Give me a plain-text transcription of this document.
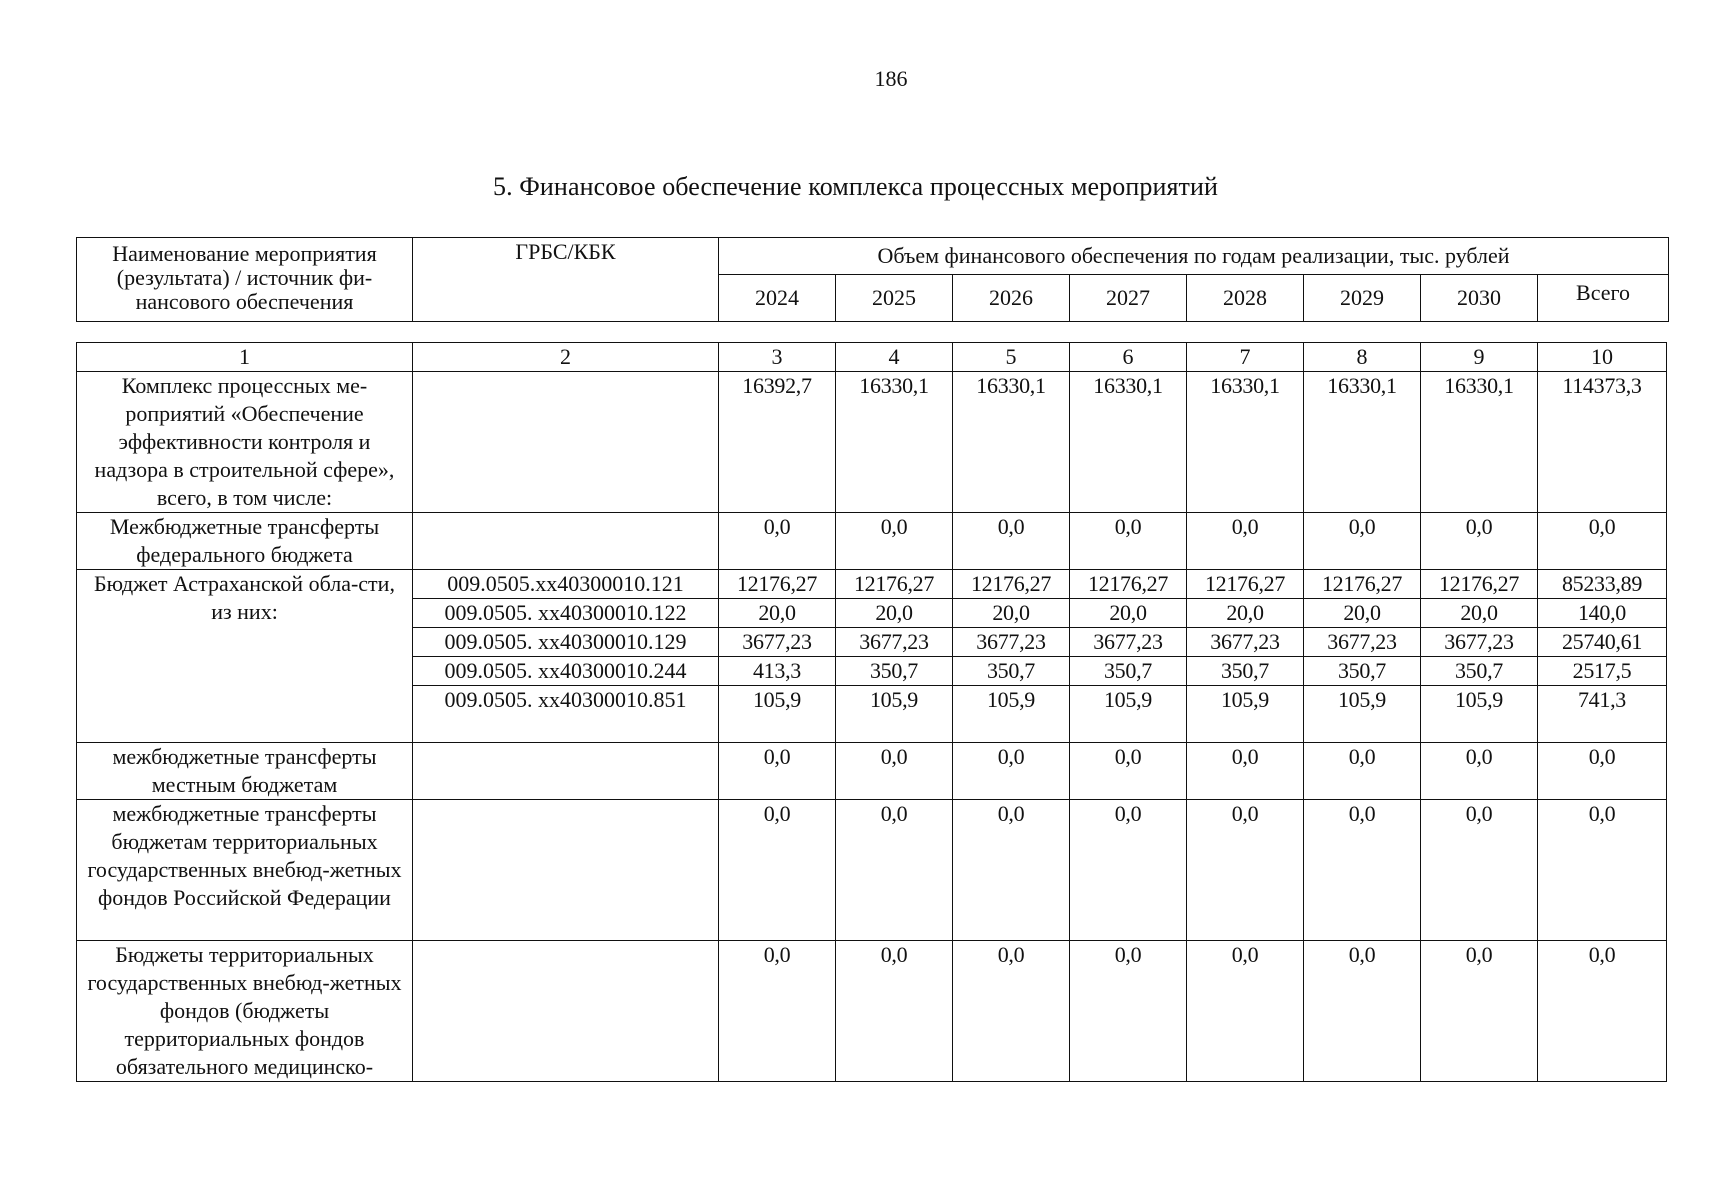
186
5. Финансовое обеспечение комплекса процессных мероприятий
Наименование мероприятия (результата) / источник фи-нансового обеспечения	ГРБС/КБК	Объем финансового обеспечения по годам реализации, тыс. рублей							
		2024	2025	2026	2027	2028	2029	2030	Всего
1	2	3	4	5	6	7	8	9	10
Комплекс процессных ме-роприятий «Обеспечение эффективности контроля и надзора в строительной сфере», всего, в том числе:		16392,7	16330,1	16330,1	16330,1	16330,1	16330,1	16330,1	114373,3
Межбюджетные трансферты федерального бюджета		0,0	0,0	0,0	0,0	0,0	0,0	0,0	0,0
Бюджет Астраханской обла-сти, из них:	009.0505.xx40300010.121	12176,27	12176,27	12176,27	12176,27	12176,27	12176,27	12176,27	85233,89
	009.0505. xx40300010.122	20,0	20,0	20,0	20,0	20,0	20,0	20,0	140,0
	009.0505. xx40300010.129	3677,23	3677,23	3677,23	3677,23	3677,23	3677,23	3677,23	25740,61
	009.0505. xx40300010.244	413,3	350,7	350,7	350,7	350,7	350,7	350,7	2517,5
	009.0505. xx40300010.851	105,9	105,9	105,9	105,9	105,9	105,9	105,9	741,3
межбюджетные трансферты местным бюджетам		0,0	0,0	0,0	0,0	0,0	0,0	0,0	0,0
межбюджетные трансферты бюджетам территориальных государственных внебюд-жетных фондов Российской Федерации		0,0	0,0	0,0	0,0	0,0	0,0	0,0	0,0
Бюджеты территориальных государственных внебюд-жетных фондов (бюджеты территориальных фондов обязательного медицинско-		0,0	0,0	0,0	0,0	0,0	0,0	0,0	0,0
